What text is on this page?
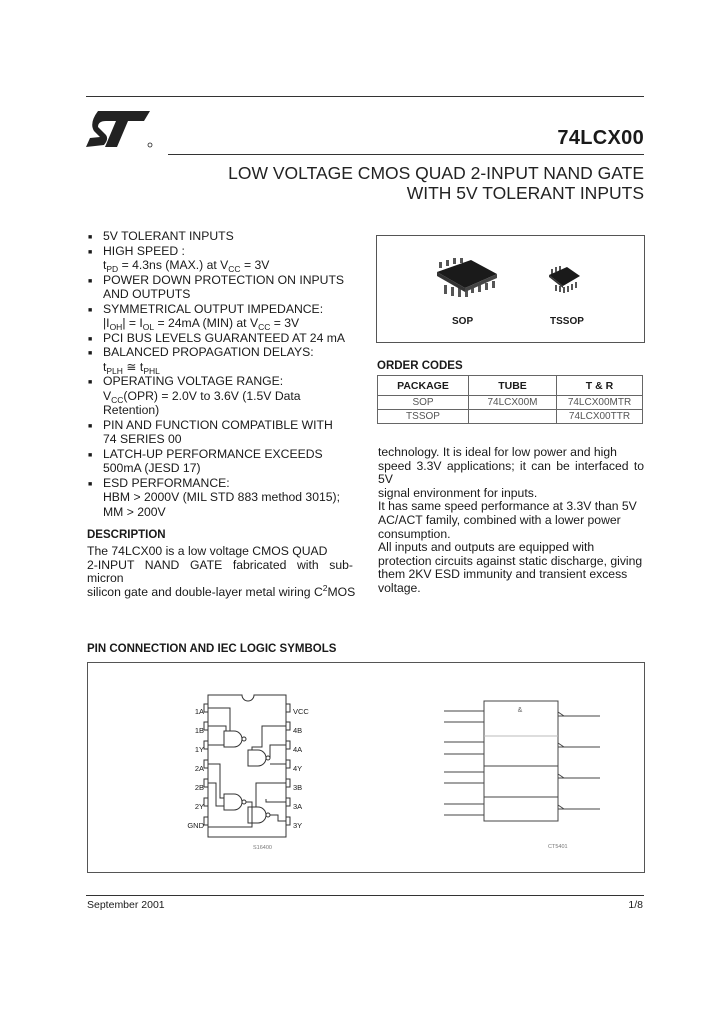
74LCX00
LOW VOLTAGE CMOS QUAD 2-INPUT NAND GATE
WITH 5V TOLERANT INPUTS
■ 5V TOLERANT INPUTS
■ HIGH SPEED :
$t_{PD} = 4.3ns$ (MAX.) at $V_{CC} = 3V$
■ POWER DOWN PROTECTION ON INPUTS
AND OUTPUTS
■ SYMMETRICAL OUTPUT IMPEDANCE:
$|I_{OH}| = I_{OL} = 24mA$ (MIN) at $V_{CC} = 3V$
■ PCI BUS LEVELS GUARANTEED AT 24 mA
■ BALANCED PROPAGATION DELAYS:
$t_{PLH}$ ≅ $t_{PHL}$
■ OPERATING VOLTAGE RANGE:
$V_{CC}(OPR) = 2.0V$ to 3.6V (1.5V Data
Retention)
■ PIN AND FUNCTION COMPATIBLE WITH
74 SERIES 00
■ LATCH-UP PERFORMANCE EXCEEDS
500mA (JESD 17)
■ ESD PERFORMANCE:
HBM > 2000V (MIL STD 883 method 3015);
MM > 200V
DESCRIPTION
The 74LCX00 is a low voltage CMOS QUAD
2-INPUT NAND GATE fabricated with sub-micron
silicon gate and double-layer metal wiring $C^2MOS$
technology. It is ideal for low power and high
speed 3.3V applications; it can be interfaced to 5V
signal environment for inputs.
It has same speed performance at 3.3V than 5V
AC/ACT family, combined with a lower power
consumption.
All inputs and outputs are equipped with
protection circuits against static discharge, giving
them 2KV ESD immunity and transient excess
voltage.
SOP	TSSOP
ORDER CODES
PACKAGE	TUBE	T & R
SOP	74LCX00M	74LCX00MTR
TSSOP		74LCX00TTR
PIN CONNECTION AND IEC LOGIC SYMBOLS
1A
1B
1Y
2A
2B
2Y
GND
VCC
4B
4A
4Y
3B
3A
3Y
S16400
&
CT5401
September 2001	1/8
